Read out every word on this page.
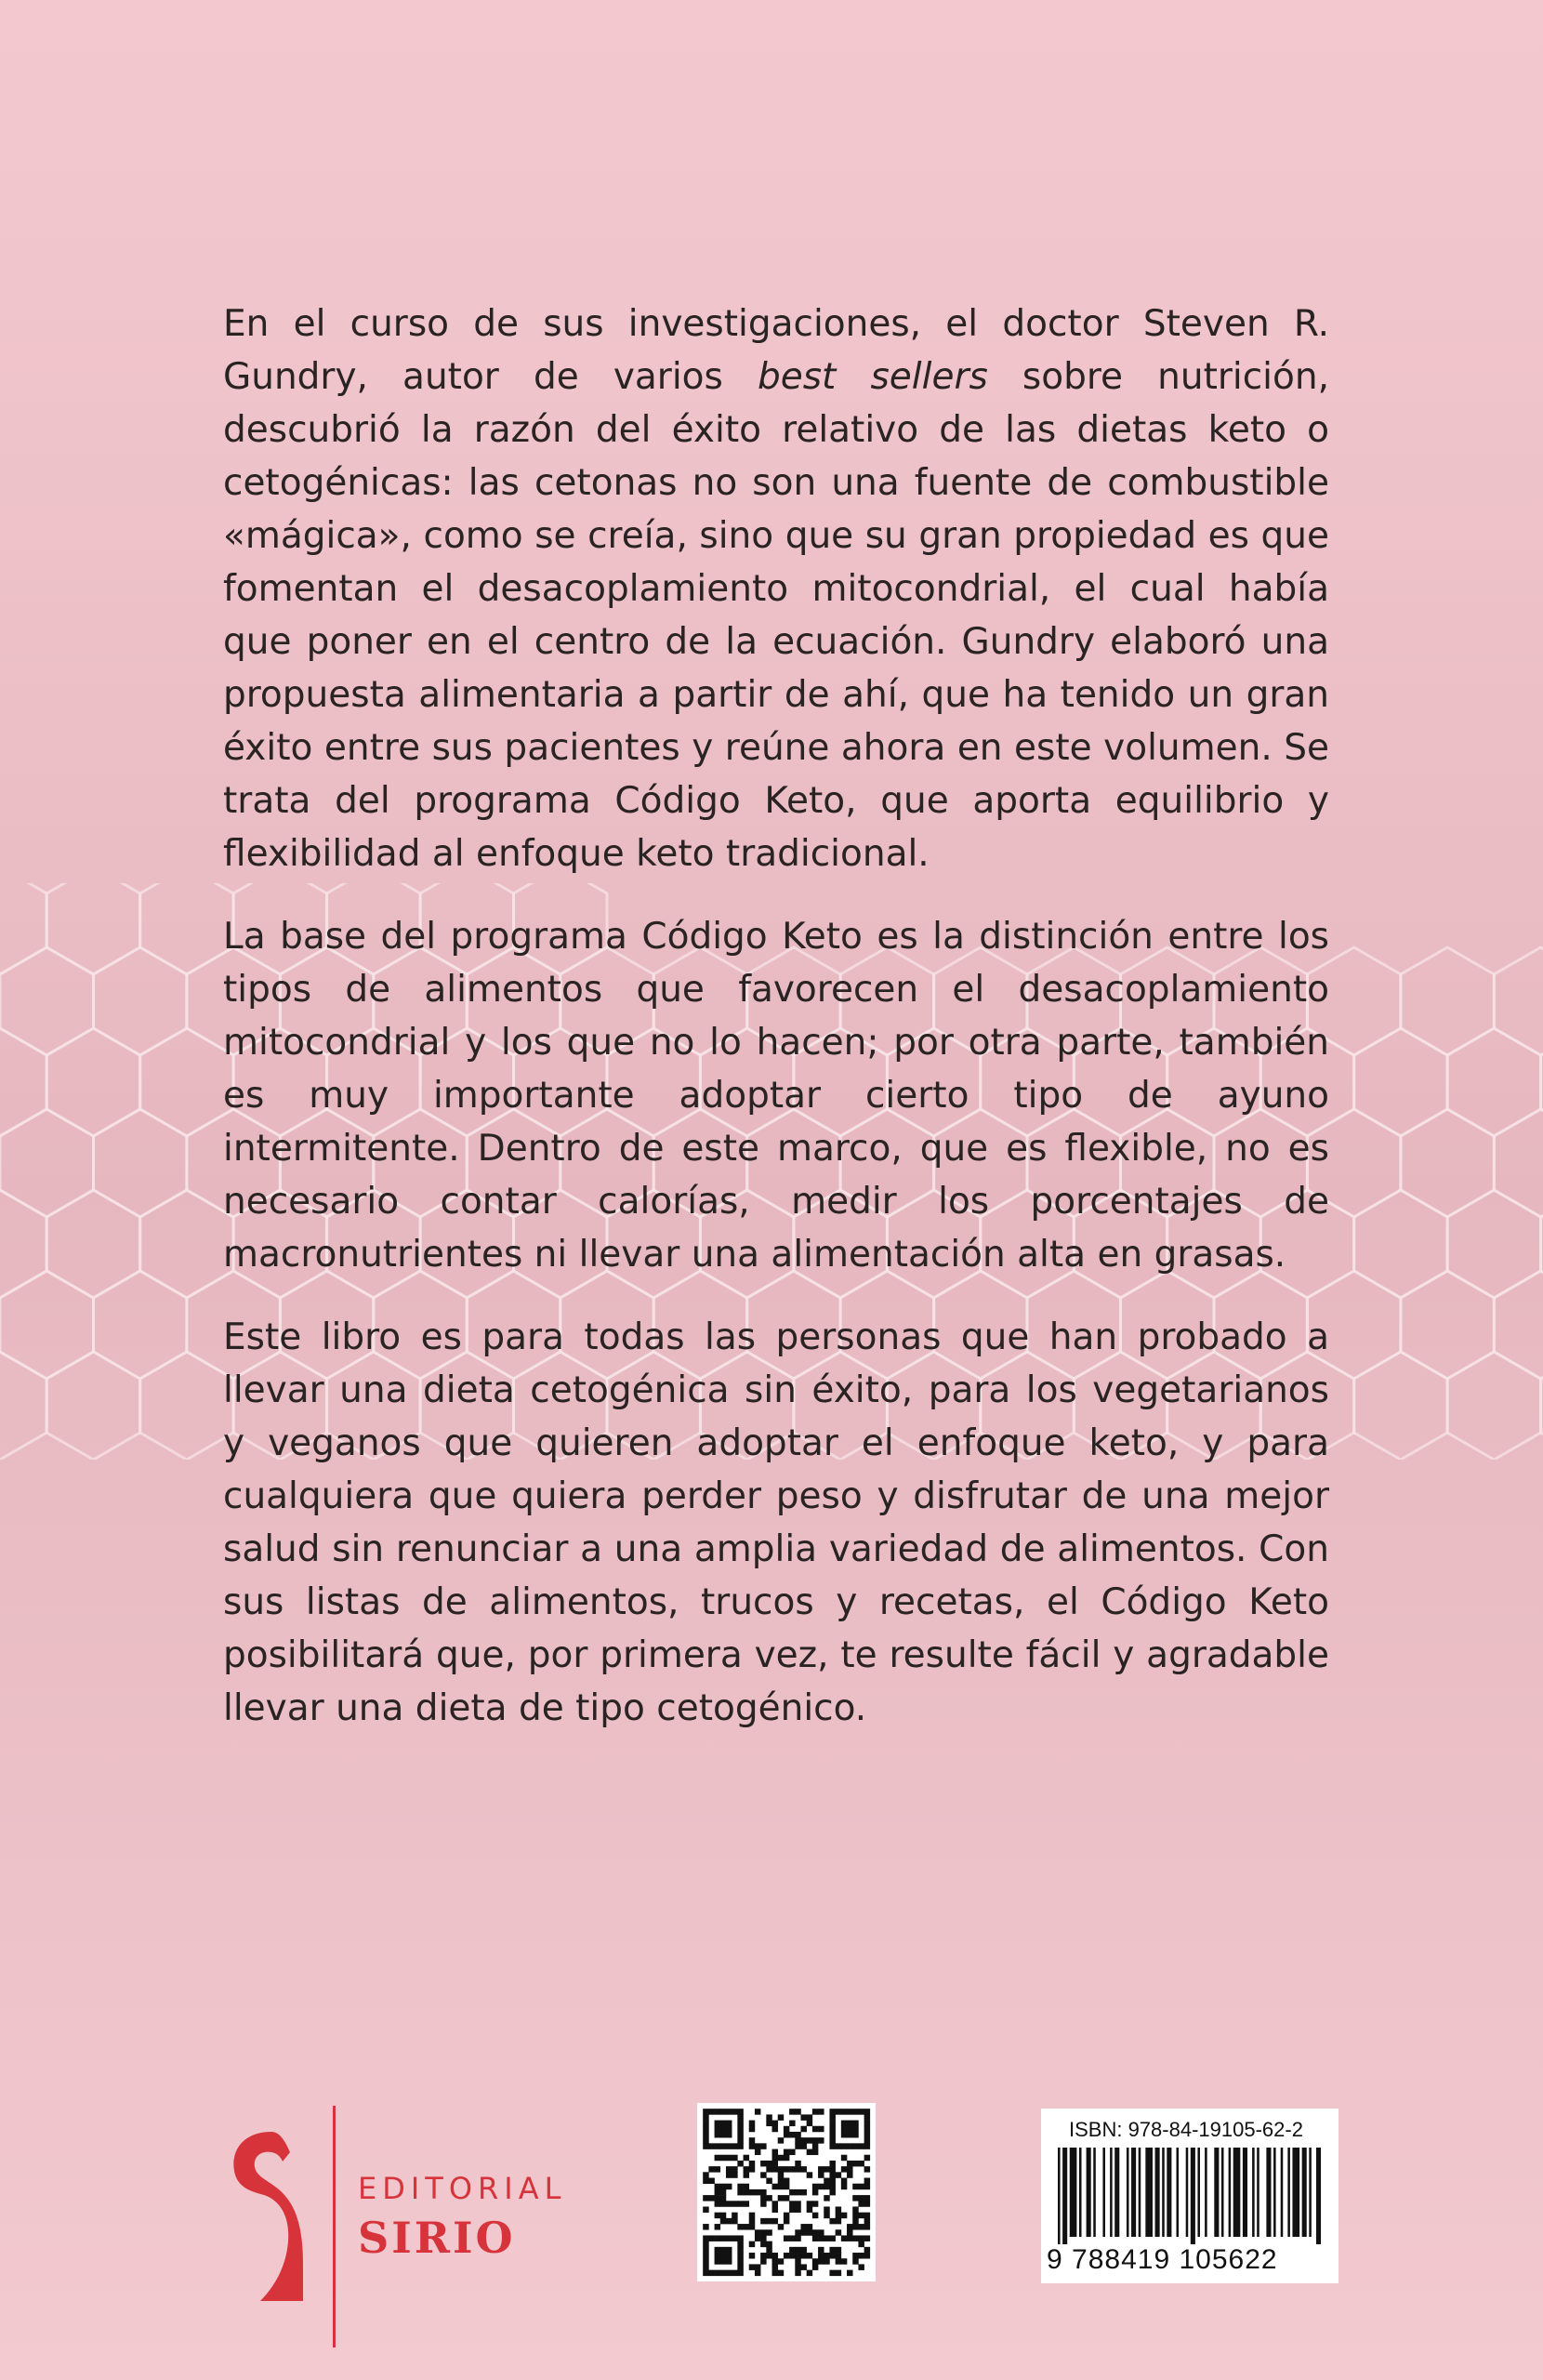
En el curso de sus investigaciones, el doctor Steven R. Gundry, autor de varios best sellers sobre nutrición, descubrió la razón del éxito relativo de las dietas keto o cetogénicas: las cetonas no son una fuente de combustible «mágica», como se creía, sino que su gran propiedad es que fomentan el desacoplamiento mitocondrial, el cual había que poner en el centro de la ecuación. Gundry elaboró una propuesta alimentaria a partir de ahí, que ha tenido un gran éxito entre sus pacientes y reúne ahora en este volumen. Se trata del programa Código Keto, que aporta equilibrio y flexibilidad al enfoque keto tradicional.

La base del programa Código Keto es la distinción entre los tipos de alimentos que favorecen el desacoplamiento mitocondrial y los que no lo hacen; por otra parte, también es muy importante adoptar cierto tipo de ayuno intermitente. Dentro de este marco, que es flexible, no es necesario contar calorías, medir los porcentajes de macronutrientes ni llevar una alimentación alta en grasas.

Este libro es para todas las personas que han probado a llevar una dieta cetogénica sin éxito, para los vegetarianos y veganos que quieren adoptar el enfoque keto, y para cualquiera que quiera perder peso y disfrutar de una mejor salud sin renunciar a una amplia variedad de alimentos. Con sus listas de alimentos, trucos y recetas, el Código Keto posibilitará que, por primera vez, te resulte fácil y agradable llevar una dieta de tipo cetogénico.

EDITORIAL
SIRIO
ISBN: 978-84-19105-62-2
9 788419 105622
